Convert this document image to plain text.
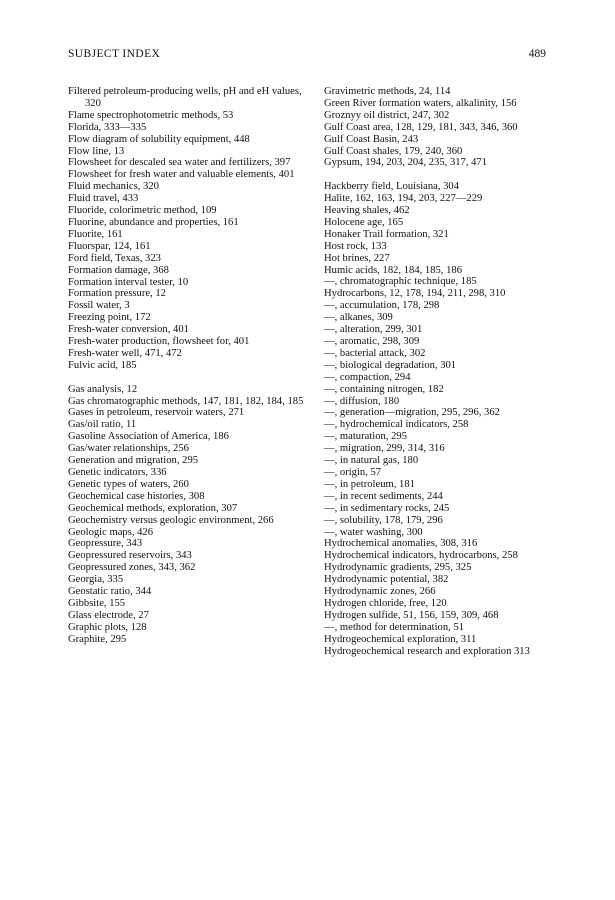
SUBJECT INDEX	489
Filtered petroleum-producing wells, pH and eH values, 320
Flame spectrophotometric methods, 53
Florida, 333—335
Flow diagram of solubility equipment, 448
Flow line, 13
Flowsheet for descaled sea water and fertilizers, 397
Flowsheet for fresh water and valuable elements, 401
Fluid mechanics, 320
Fluid travel, 433
Fluoride, colorimetric method, 109
Fluorine, abundance and properties, 161
Fluorite, 161
Fluorspar, 124, 161
Ford field, Texas, 323
Formation damage, 368
Formation interval tester, 10
Formation pressure, 12
Fossil water, 3
Freezing point, 172
Fresh-water conversion, 401
Fresh-water production, flowsheet for, 401
Fresh-water well, 471, 472
Fulvic acid, 185
Gas analysis, 12
Gas chromatographic methods, 147, 181, 182, 184, 185
Gases in petroleum, reservoir waters, 271
Gas/oil ratio, 11
Gasoline Association of America, 186
Gas/water relationships, 256
Generation and migration, 295
Genetic indicators, 336
Genetic types of waters, 260
Geochemical case histories, 308
Geochemical methods, exploration, 307
Geochemistry versus geologic environment, 266
Geologic maps, 426
Geopressure, 343
Geopressured reservoirs, 343
Geopressured zones, 343, 362
Georgia, 335
Geostatic ratio, 344
Gibbsite, 155
Glass electrode, 27
Graphic plots, 128
Graphite, 295
Gravimetric methods, 24, 114
Green River formation waters, alkalinity, 156
Groznyy oil district, 247, 302
Gulf Coast area, 128, 129, 181, 343, 346, 360
Gulf Coast Basin, 243
Gulf Coast shales, 179, 240, 360
Gypsum, 194, 203, 204, 235, 317, 471
Hackberry field, Louisiana, 304
Halite, 162, 163, 194, 203, 227—229
Heaving shales, 462
Holocene age, 165
Honaker Trail formation, 321
Host rock, 133
Hot brines, 227
Humic acids, 182, 184, 185, 186
—, chromatographic technique, 185
Hydrocarbons, 12, 178, 194, 211, 298, 310
—, accumulation, 178, 298
—, alkanes, 309
—, alteration, 299, 301
—, aromatic, 298, 309
—, bacterial attack, 302
—, biological degradation, 301
—, compaction, 294
—, containing nitrogen, 182
—, diffusion, 180
—, generation—migration, 295, 296, 362
—, hydrochemical indicators, 258
—, maturation, 295
—, migration, 299, 314, 316
—, in natural gas, 180
—, origin, 57
—, in petroleum, 181
—, in recent sediments, 244
—, in sedimentary rocks, 245
—, solubility, 178, 179, 296
—, water washing, 300
Hydrochemical anomalies, 308, 316
Hydrochemical indicators, hydrocarbons, 258
Hydrodynamic gradients, 295, 325
Hydrodynamic potential, 382
Hydrodynamic zones, 266
Hydrogen chloride, free, 120
Hydrogen sulfide, 51, 156, 159, 309, 468
—, method for determination, 51
Hydrogeochemical exploration, 311
Hydrogeochemical research and exploration 313
